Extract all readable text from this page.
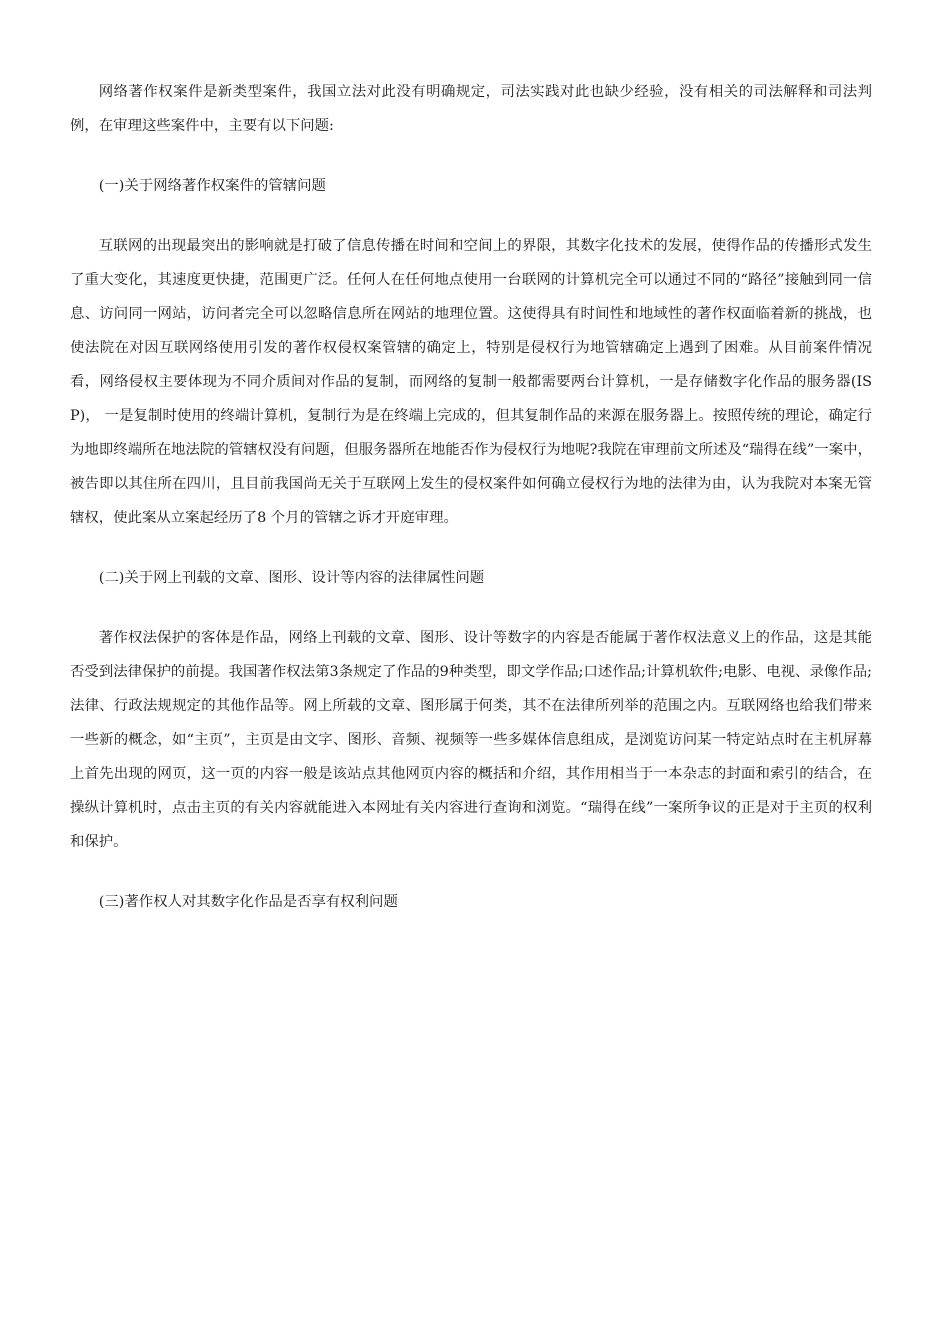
网络著作权案件是新类型案件，我国立法对此没有明确规定，司法实践对此也缺少经验，没有相关的司法解释和司法判例，在审理这些案件中，主要有以下问题:

(一)关于网络著作权案件的管辖问题

互联网的出现最突出的影响就是打破了信息传播在时间和空间上的界限，其数字化技术的发展，使得作品的传播形式发生了重大变化，其速度更快捷，范围更广泛。任何人在任何地点使用一台联网的计算机完全可以通过不同的“路径”接触到同一信息、访问同一网站，访问者完全可以忽略信息所在网站的地理位置。这使得具有时间性和地域性的著作权面临着新的挑战，也使法院在对因互联网络使用引发的著作权侵权案管辖的确定上，特别是侵权行为地管辖确定上遇到了困难。从目前案件情况看，网络侵权主要体现为不同介质间对作品的复制，而网络的复制一般都需要两台计算机，一是存储数字化作品的服务器(ISP)， 一是复制时使用的终端计算机，复制行为是在终端上完成的，但其复制作品的来源在服务器上。按照传统的理论，确定行为地即终端所在地法院的管辖权没有问题，但服务器所在地能否作为侵权行为地呢?我院在审理前文所述及“瑞得在线”一案中，被告即以其住所在四川，且目前我国尚无关于互联网上发生的侵权案件如何确立侵权行为地的法律为由，认为我院对本案无管辖权，使此案从立案起经历了8 个月的管辖之诉才开庭审理。

(二)关于网上刊载的文章、图形、设计等内容的法律属性问题

著作权法保护的客体是作品，网络上刊载的文章、图形、设计等数字的内容是否能属于著作权法意义上的作品，这是其能否受到法律保护的前提。我国著作权法第3条规定了作品的9种类型，即文学作品;口述作品;计算机软件;电影、电视、录像作品;法律、行政法规规定的其他作品等。网上所载的文章、图形属于何类，其不在法律所列举的范围之内。互联网络也给我们带来一些新的概念，如“主页”，主页是由文字、图形、音频、视频等一些多媒体信息组成，是浏览访问某一特定站点时在主机屏幕上首先出现的网页，这一页的内容一般是该站点其他网页内容的概括和介绍，其作用相当于一本杂志的封面和索引的结合，在操纵计算机时，点击主页的有关内容就能进入本网址有关内容进行查询和浏览。“瑞得在线”一案所争议的正是对于主页的权利和保护。

(三)著作权人对其数字化作品是否享有权利问题
